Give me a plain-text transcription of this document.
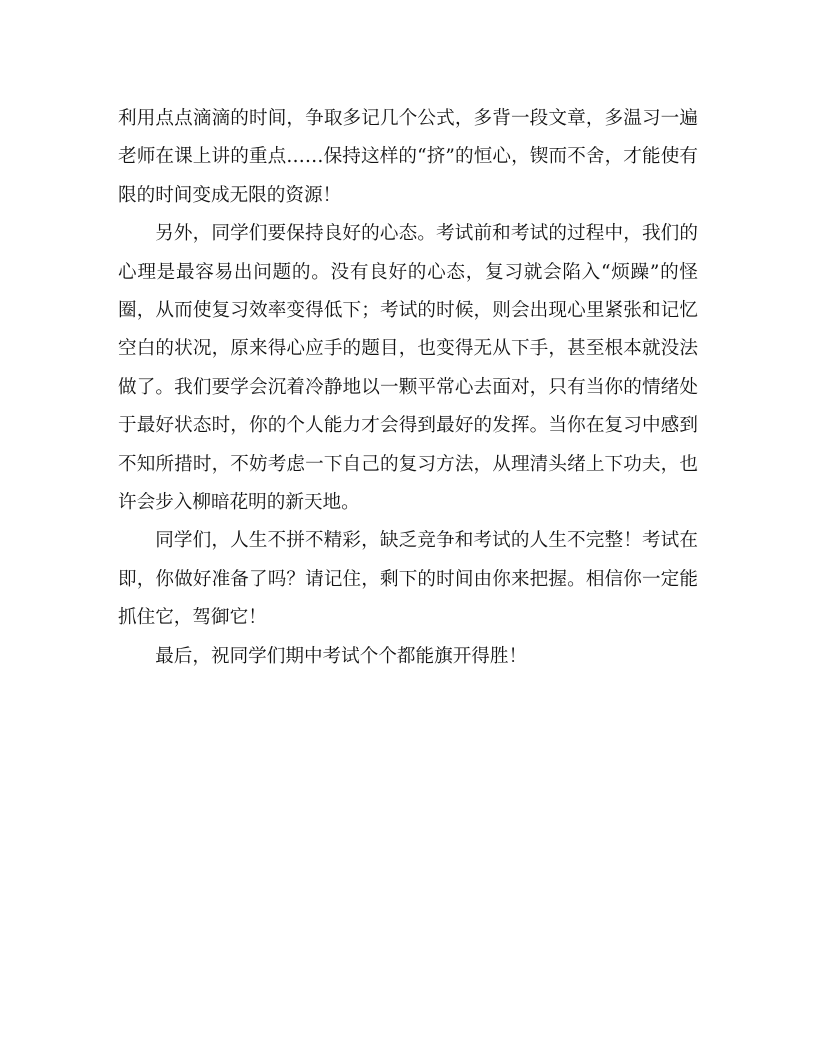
利用点点滴滴的时间，争取多记几个公式，多背一段文章，多温习一遍老师在课上讲的重点……保持这样的“挤”的恒心，锲而不舍，才能使有限的时间变成无限的资源！

另外，同学们要保持良好的心态。考试前和考试的过程中，我们的心理是最容易出问题的。没有良好的心态，复习就会陷入“烦躁”的怪圈，从而使复习效率变得低下；考试的时候，则会出现心里紧张和记忆空白的状况，原来得心应手的题目，也变得无从下手，甚至根本就没法做了。我们要学会沉着冷静地以一颗平常心去面对，只有当你的情绪处于最好状态时，你的个人能力才会得到最好的发挥。当你在复习中感到不知所措时，不妨考虑一下自己的复习方法，从理清头绪上下功夫，也许会步入柳暗花明的新天地。

同学们，人生不拼不精彩，缺乏竞争和考试的人生不完整！考试在即，你做好准备了吗？请记住，剩下的时间由你来把握。相信你一定能抓住它，驾御它！

最后，祝同学们期中考试个个都能旗开得胜！
